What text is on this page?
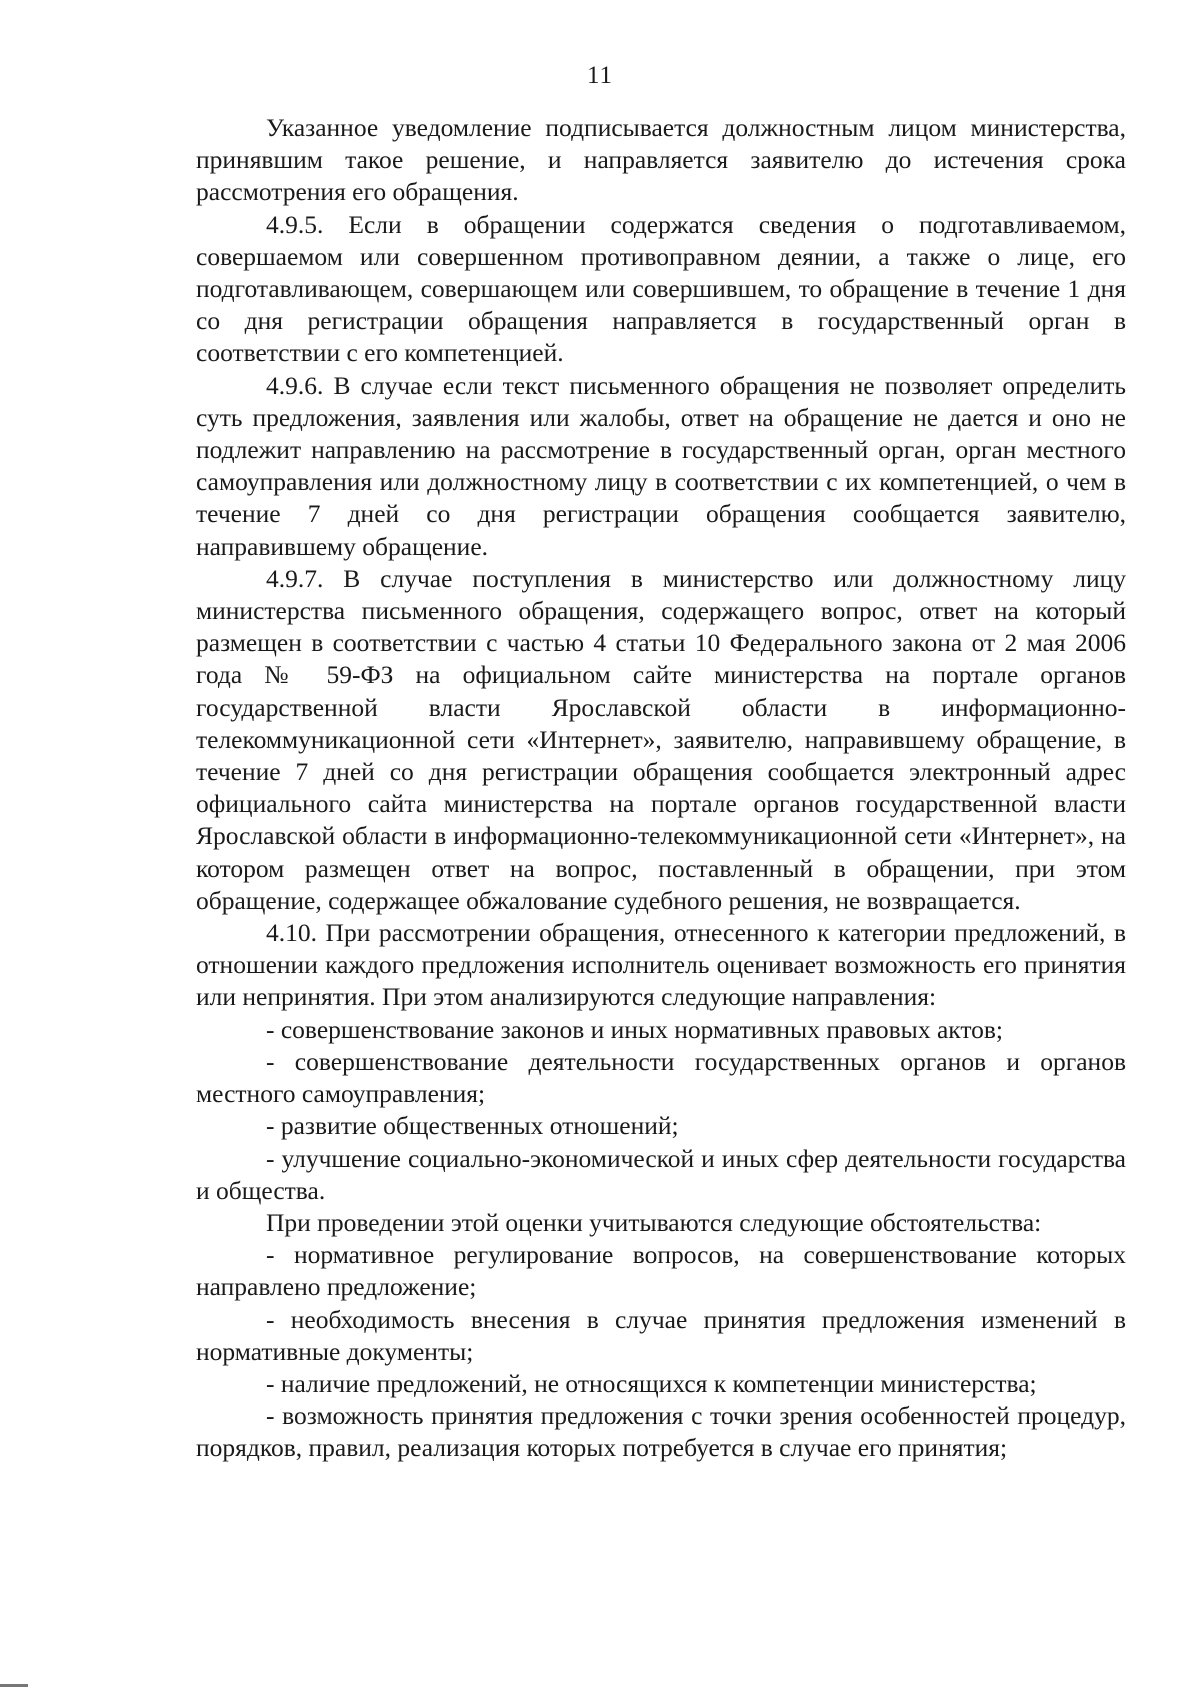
11

Указанное уведомление подписывается должностным лицом министерства, принявшим такое решение, и направляется заявителю до истечения срока рассмотрения его обращения.

4.9.5. Если в обращении содержатся сведения о подготавливаемом, совершаемом или совершенном противоправном деянии, а также о лице, его подготавливающем, совершающем или совершившем, то обращение в течение 1 дня со дня регистрации обращения направляется в государственный орган в соответствии с его компетенцией.

4.9.6. В случае если текст письменного обращения не позволяет определить суть предложения, заявления или жалобы, ответ на обращение не дается и оно не подлежит направлению на рассмотрение в государственный орган, орган местного самоуправления или должностному лицу в соответствии с их компетенцией, о чем в течение 7 дней со дня регистрации обращения сообщается заявителю, направившему обращение.

4.9.7. В случае поступления в министерство или должностному лицу министерства письменного обращения, содержащего вопрос, ответ на который размещен в соответствии с частью 4 статьи 10 Федерального закона от 2 мая 2006 года № 59-ФЗ на официальном сайте министерства на портале органов государственной власти Ярославской области в информационно-телекоммуникационной сети «Интернет», заявителю, направившему обращение, в течение 7 дней со дня регистрации обращения сообщается электронный адрес официального сайта министерства на портале органов государственной власти Ярославской области в информационно-телекоммуникационной сети «Интернет», на котором размещен ответ на вопрос, поставленный в обращении, при этом обращение, содержащее обжалование судебного решения, не возвращается.

4.10. При рассмотрении обращения, отнесенного к категории предложений, в отношении каждого предложения исполнитель оценивает возможность его принятия или непринятия. При этом анализируются следующие направления:

- совершенствование законов и иных нормативных правовых актов;

- совершенствование деятельности государственных органов и органов местного самоуправления;

- развитие общественных отношений;

- улучшение социально-экономической и иных сфер деятельности государства и общества.

При проведении этой оценки учитываются следующие обстоятельства:

- нормативное регулирование вопросов, на совершенствование которых направлено предложение;

- необходимость внесения в случае принятия предложения изменений в нормативные документы;

- наличие предложений, не относящихся к компетенции министерства;

- возможность принятия предложения с точки зрения особенностей процедур, порядков, правил, реализация которых потребуется в случае его принятия;
